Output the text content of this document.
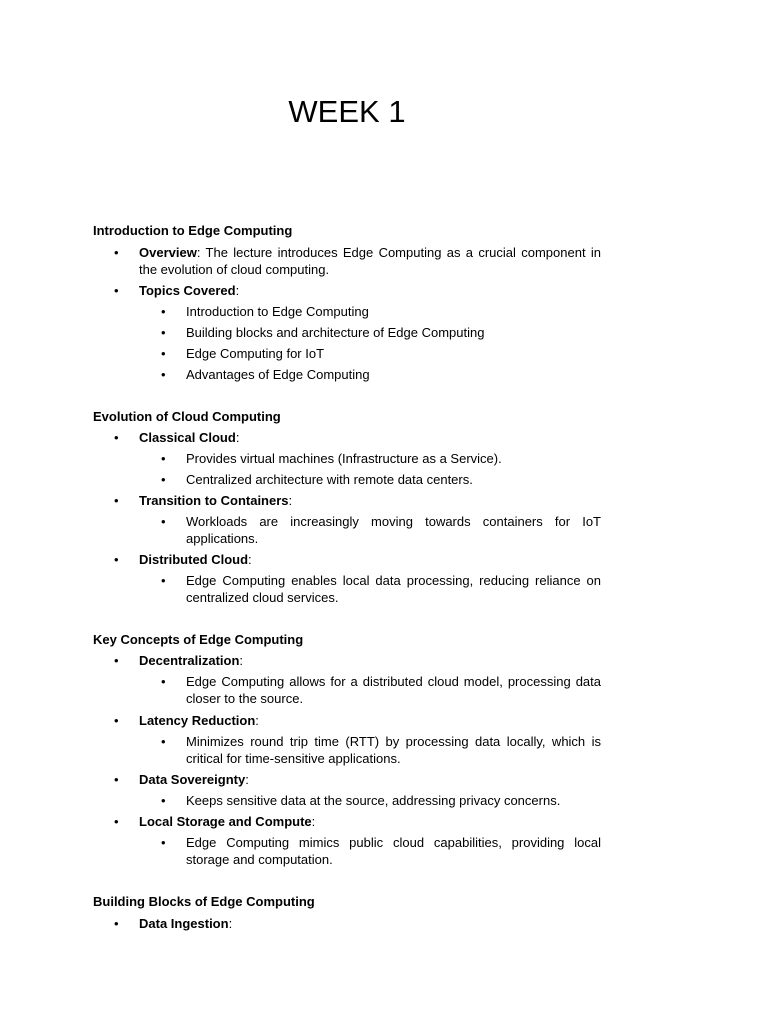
WEEK 1
Introduction to Edge Computing
• Overview: The lecture introduces Edge Computing as a crucial component in the evolution of cloud computing.
• Topics Covered:
• Introduction to Edge Computing
• Building blocks and architecture of Edge Computing
• Edge Computing for IoT
• Advantages of Edge Computing
Evolution of Cloud Computing
• Classical Cloud:
• Provides virtual machines (Infrastructure as a Service).
• Centralized architecture with remote data centers.
• Transition to Containers:
• Workloads are increasingly moving towards containers for IoT applications.
• Distributed Cloud:
• Edge Computing enables local data processing, reducing reliance on centralized cloud services.
Key Concepts of Edge Computing
• Decentralization:
• Edge Computing allows for a distributed cloud model, processing data closer to the source.
• Latency Reduction:
• Minimizes round trip time (RTT) by processing data locally, which is critical for time-sensitive applications.
• Data Sovereignty:
• Keeps sensitive data at the source, addressing privacy concerns.
• Local Storage and Compute:
• Edge Computing mimics public cloud capabilities, providing local storage and computation.
Building Blocks of Edge Computing
• Data Ingestion:
